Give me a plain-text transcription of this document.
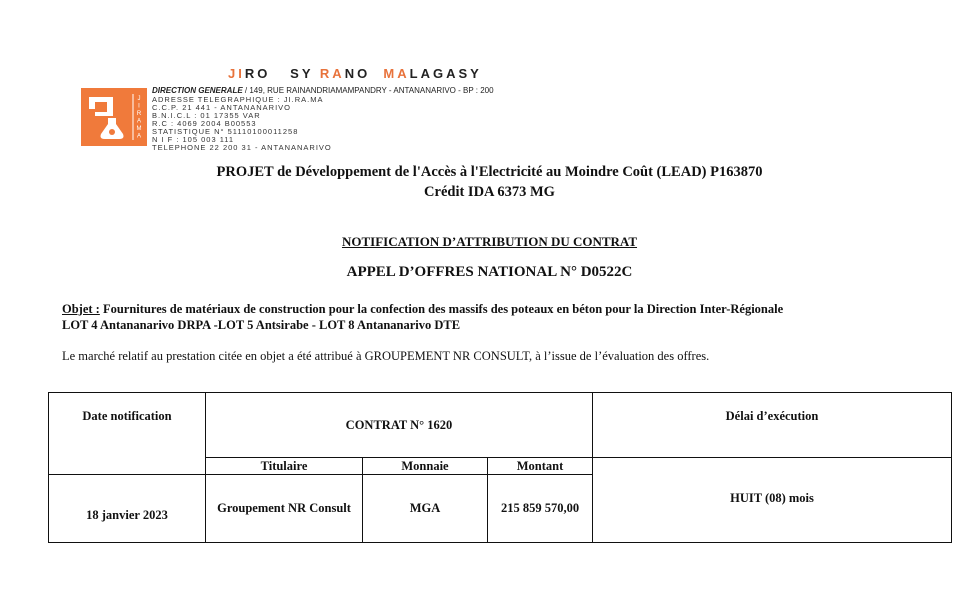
JIRO   SY RANO  MALAGASY
J
I
R
A
M
A
DIRECTION GENERALE / 149, RUE RAINANDRIAMAMPANDRY - ANTANANARIVO - BP : 200
ADRESSE TELEGRAPHIQUE : JI.RA.MA
C.C.P. 21 441 - ANTANANARIVO
B.N.I.C.L : 01 17355 VAR
R.C : 4069 2004 B00553
STATISTIQUE N° 51110100011258
N I F : 105 003 111
TELEPHONE 22 200 31 - ANTANANARIVO
PROJET de Développement de l'Accès à l'Electricité au Moindre Coût (LEAD) P163870
Crédit IDA 6373 MG
NOTIFICATION D’ATTRIBUTION DU CONTRAT
APPEL D’OFFRES NATIONAL N° D0522C
Objet : Fournitures de matériaux de construction pour la confection des massifs des poteaux en béton pour la Direction Inter-Régionale
LOT 4 Antananarivo DRPA -LOT 5 Antsirabe - LOT 8 Antananarivo DTE
Le marché relatif au prestation citée en objet a été attribué à GROUPEMENT NR CONSULT, à l’issue de l’évaluation des offres.
Date notification
CONTRAT N° 1620
Délai d’exécution
Titulaire	Monnaie	Montant
18 janvier 2023	Groupement NR Consult	MGA	215 859 570,00
HUIT (08) mois
